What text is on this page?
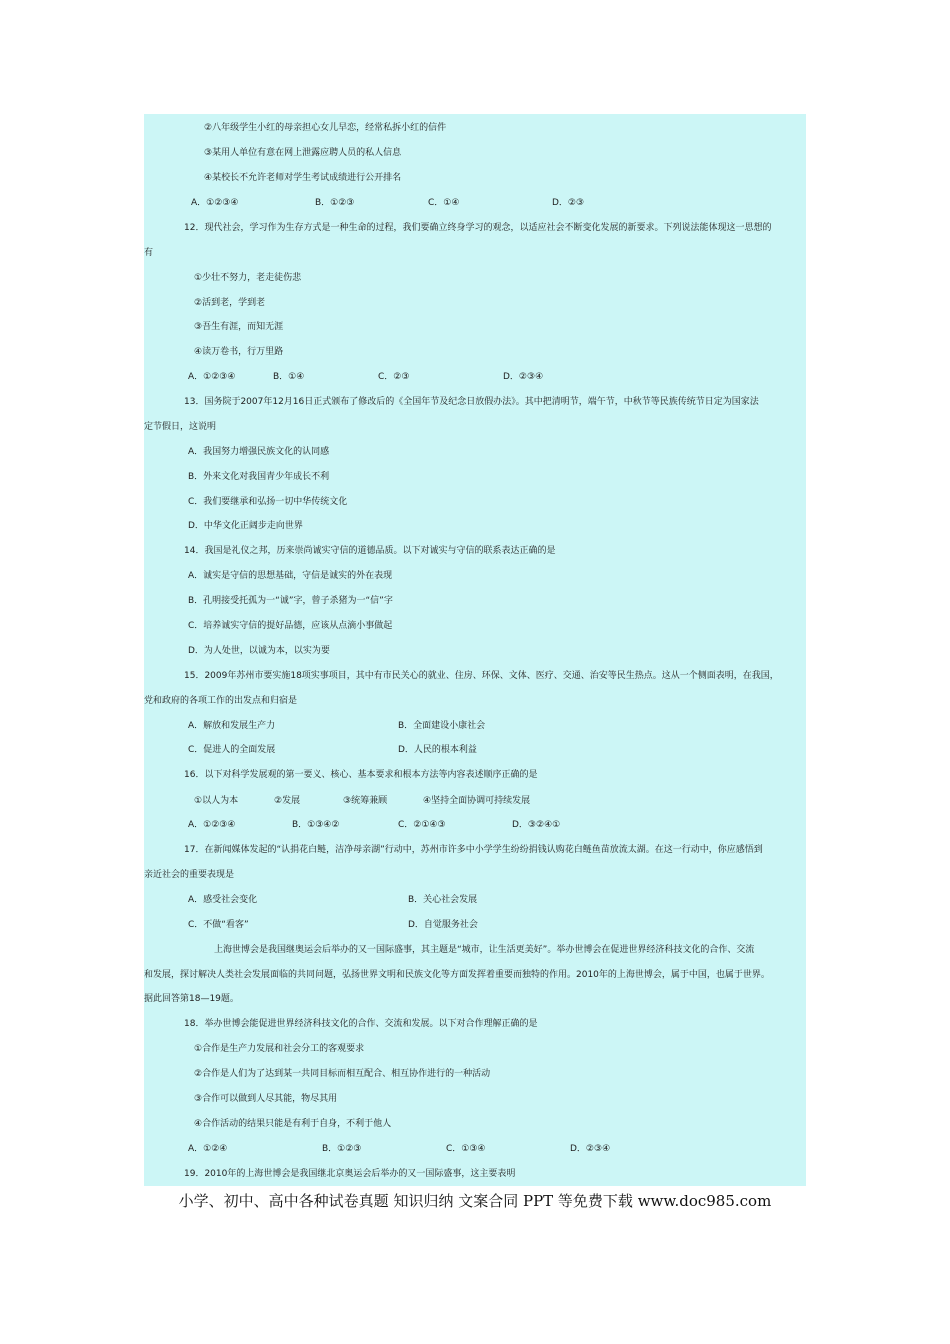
②八年级学生小红的母亲担心女儿早恋，经常私拆小红的信件
③某用人单位有意在网上泄露应聘人员的私人信息
④某校长不允许老师对学生考试成绩进行公开排名
A．①②③④	B．①②③	C．①④	D．②③
12．现代社会，学习作为生存方式是一种生命的过程，我们要确立终身学习的观念，以适应社会不断变化发展的新要求。下列说法能体现这一思想的
有
①少壮不努力，老走徒伤悲
②活到老，学到老
③吾生有涯，而知无涯
④读万卷书，行万里路
A．①②③④	B．①④	C．②③	D．②③④
13．国务院于2007年12月16日正式颁布了修改后的《全国年节及纪念日放假办法》。其中把清明节，端午节，中秋节等民族传统节日定为国家法
定节假日，这说明
A．我国努力增强民族文化的认同感
B．外来文化对我国青少年成长不利
C．我们要继承和弘扬一切中华传统文化
D．中华文化正阔步走向世界
14．我国是礼仪之邦，历来崇尚诚实守信的道德品质。以下对诚实与守信的联系表达正确的是
A．诚实是守信的思想基础，守信是诚实的外在表现
B．孔明接受托孤为一“诚”字，曾子杀猪为一“信”字
C．培养诚实守信的提好品德，应该从点滴小事做起
D．为人处世，以诚为本，以实为要
15．2009年苏州市要实施18项实事项目，其中有市民关心的就业、住房、环保、文体、医疗、交通、治安等民生热点。这从一个侧面表明，在我国，
党和政府的各项工作的出发点和归宿是
A．解放和发展生产力	B．全面建设小康社会
C．促进人的全面发展	D．人民的根本利益
16．以下对科学发展观的第一要义、核心、基本要求和根本方法等内容表述顺序正确的是
①以人为本	②发展	③统筹兼顾	④坚持全面协调可持续发展
A．①②③④	B．①③④②	C．②①④③	D．③②④①
17．在新闻媒体发起的“认捐花白鲢，洁净母亲湖”行动中，苏州市许多中小学学生纷纷捐钱认购花白鲢鱼苗放流太湖。在这一行动中，你应感悟到
亲近社会的重要表现是
A．感受社会变化	B．关心社会发展
C．不做“看客”	D．自觉服务社会
上海世博会是我国继奥运会后举办的又一国际盛事，其主题是“城市，让生活更美好”。举办世博会在促进世界经济科技文化的合作、交流
和发展，探讨解决人类社会发展面临的共同问题，弘扬世界文明和民族文化等方面发挥着重要而独特的作用。2010年的上海世博会，属于中国，也属于世界。
据此回答第18—19题。
18．举办世博会能促进世界经济科技文化的合作、交流和发展。以下对合作理解正确的是
①合作是生产力发展和社会分工的客观要求
②合作是人们为了达到某一共同目标而相互配合、相互协作进行的一种活动
③合作可以做到人尽其能，物尽其用
④合作活动的结果只能是有利于自身，不利于他人
A．①②④	B．①②③	C．①③④	D．②③④
19．2010年的上海世博会是我国继北京奥运会后举办的又一国际盛事，这主要表明
小学、初中、高中各种试卷真题 知识归纳 文案合同 PPT 等免费下载 www.doc985.com
